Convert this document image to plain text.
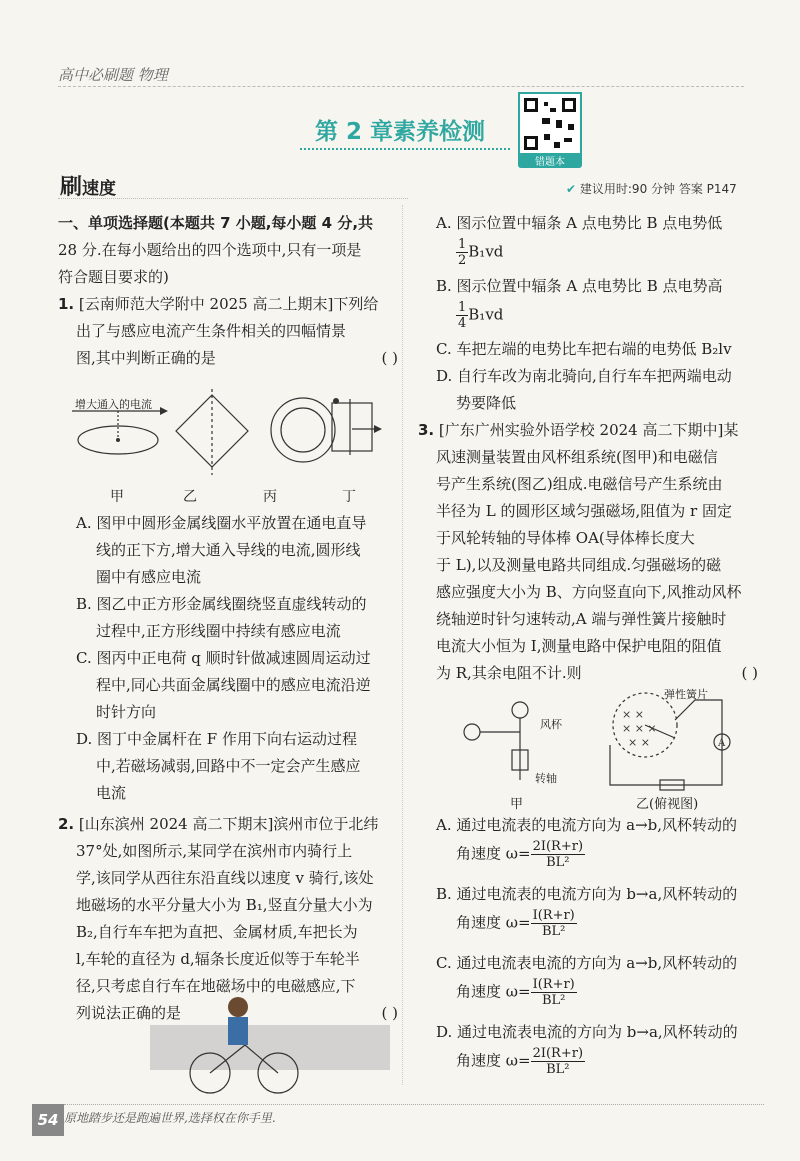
高中必刷题 物理
第 2 章素养检测
错题本
刷速度	✔ 建议用时:90 分钟 答案 P147

一、单项选择题(本题共 7 小题,每小题 4 分,共

28 分.在每小题给出的四个选项中,只有一项是

符合题目要求的)

1. [云南师范大学附中 2025 高二上期末]下列给

出了与感应电流产生条件相关的四幅情景

图,其中判断正确的是	( )

增大通入的电流
甲	乙	丙	丁

A. 图甲中圆形金属线圈水平放置在通电直导

线的正下方,增大通入导线的电流,圆形线

圈中有感应电流

B. 图乙中正方形金属线圈绕竖直虚线转动的

过程中,正方形线圈中持续有感应电流

C. 图丙中正电荷 q 顺时针做减速圆周运动过

程中,同心共面金属线圈中的感应电流沿逆

时针方向

D. 图丁中金属杆在 F 作用下向右运动过程

中,若磁场减弱,回路中不一定会产生感应

电流

2. [山东滨州 2024 高二下期末]滨州市位于北纬

37°处,如图所示,某同学在滨州市内骑行上

学,该同学从西往东沿直线以速度 v 骑行,该处

地磁场的水平分量大小为 B₁,竖直分量大小为

B₂,自行车车把为直把、金属材质,车把长为

l,车轮的直径为 d,辐条长度近似等于车轮半

径,只考虑自行车在地磁场中的电磁感应,下

列说法正确的是	( )

A. 图示位置中辐条 A 点电势比 B 点电势低

$\frac{1}{2}B_1vd$

B. 图示位置中辐条 A 点电势比 B 点电势高

$\frac{1}{4}B_1vd$

C. 车把左端的电势比车把右端的电势低 B₂lv

D. 自行车改为南北骑向,自行车车把两端电动

势要降低

3. [广东广州实验外语学校 2024 高二下期中]某

风速测量装置由风杯组系统(图甲)和电磁信

号产生系统(图乙)组成.电磁信号产生系统由

半径为 L 的圆形区域匀强磁场,阻值为 r 固定

于风轮转轴的导体棒 OA(导体棒长度大

于 L),以及测量电路共同组成.匀强磁场的磁

感应强度大小为 B、方向竖直向下,风推动风杯

绕轴逆时针匀速转动,A 端与弹性簧片接触时

电流大小恒为 I,测量电路中保护电阻的阻值

为 R,其余电阻不计.则	( )

× ×
× × ×
× ×	A
风杯
转轴
弹性簧片
甲	乙(俯视图)

A. 通过电流表的电流方向为 a→b,风杯转动的

角速度 $\omega= \frac{2I(R+r)}{\text{BL²}}$

B. 通过电流表的电流方向为 b→a,风杯转动的

角速度 $\omega= \frac{I(R+r)}{\text{BL²}}$

C. 通过电流表电流的方向为 a→b,风杯转动的

角速度 $\omega= \frac{I(R+r)}{\text{BL²}}$

D. 通过电流表电流的方向为 b→a,风杯转动的

角速度 $\omega= \frac{2I(R+r)}{\text{BL²}}$

54 原地踏步还是跑遍世界,选择权在你手里.
